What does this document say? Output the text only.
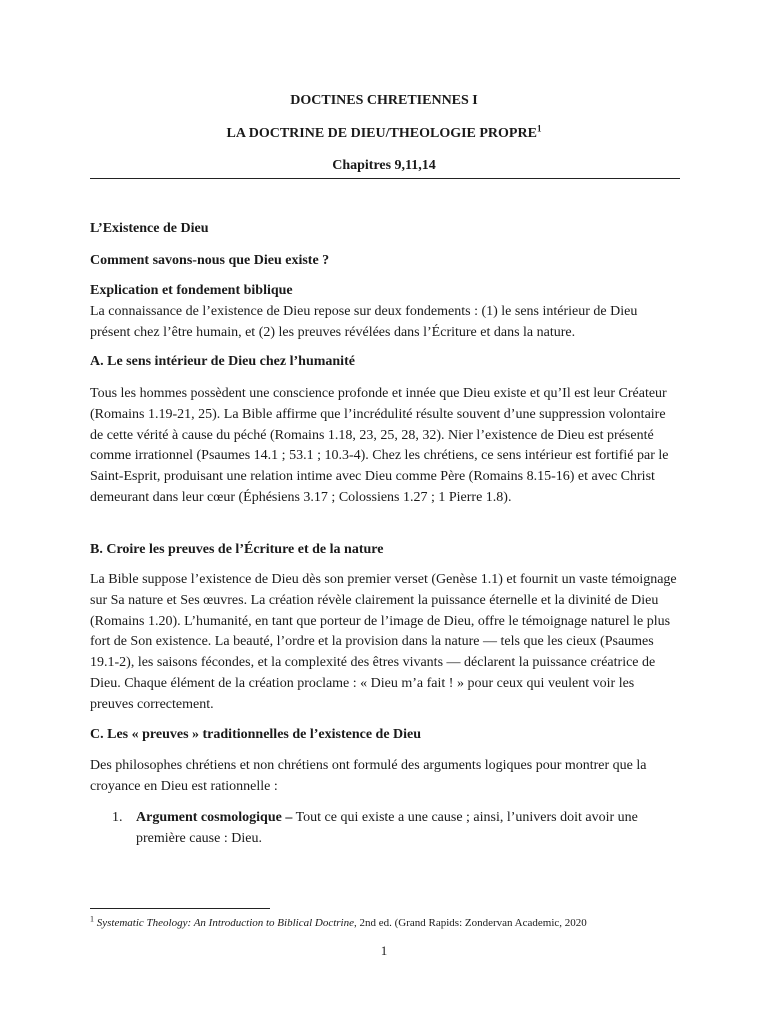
DOCTINES CHRETIENNES I
LA DOCTRINE DE DIEU/THEOLOGIE PROPRE$^1$
Chapitres 9,11,14
L’Existence de Dieu
Comment savons-nous que Dieu existe ?
Explication et fondement biblique
La connaissance de l’existence de Dieu repose sur deux fondements : (1) le sens intérieur de Dieu présent chez l’être humain, et (2) les preuves révélées dans l’Écriture et dans la nature.
A. Le sens intérieur de Dieu chez l’humanité
Tous les hommes possèdent une conscience profonde et innée que Dieu existe et qu’Il est leur Créateur (Romains 1.19-21, 25). La Bible affirme que l’incrédulité résulte souvent d’une suppression volontaire de cette vérité à cause du péché (Romains 1.18, 23, 25, 28, 32). Nier l’existence de Dieu est présenté comme irrationnel (Psaumes 14.1 ; 53.1 ; 10.3-4). Chez les chrétiens, ce sens intérieur est fortifié par le Saint-Esprit, produisant une relation intime avec Dieu comme Père (Romains 8.15-16) et avec Christ demeurant dans leur cœur (Éphésiens 3.17 ; Colossiens 1.27 ; 1 Pierre 1.8).
B. Croire les preuves de l’Écriture et de la nature
La Bible suppose l’existence de Dieu dès son premier verset (Genèse 1.1) et fournit un vaste témoignage sur Sa nature et Ses œuvres. La création révèle clairement la puissance éternelle et la divinité de Dieu (Romains 1.20). L’humanité, en tant que porteur de l’image de Dieu, offre le témoignage naturel le plus fort de Son existence. La beauté, l’ordre et la provision dans la nature — tels que les cieux (Psaumes 19.1-2), les saisons fécondes, et la complexité des êtres vivants — déclarent la puissance créatrice de Dieu. Chaque élément de la création proclame : « Dieu m’a fait ! » pour ceux qui veulent voir les preuves correctement.
C. Les « preuves » traditionnelles de l’existence de Dieu
Des philosophes chrétiens et non chrétiens ont formulé des arguments logiques pour montrer que la croyance en Dieu est rationnelle :
1. Argument cosmologique – Tout ce qui existe a une cause ; ainsi, l’univers doit avoir une première cause : Dieu.
$^1$ Systematic Theology: An Introduction to Biblical Doctrine, 2nd ed. (Grand Rapids: Zondervan Academic, 2020
1
